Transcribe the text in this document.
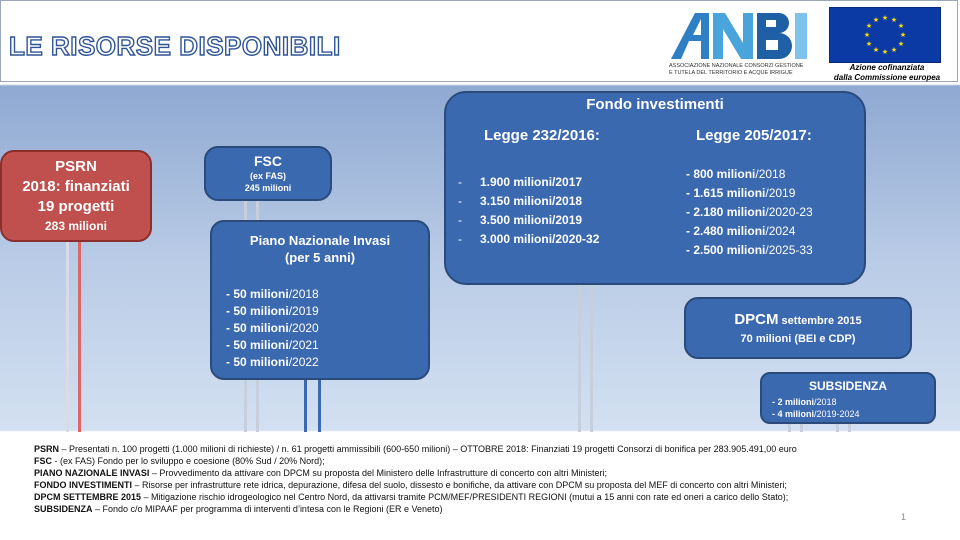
LE RISORSE DISPONIBILI
ASSOCIAZIONE NAZIONALE CONSORZI GESTIONE
E TUTELA DEL TERRITORIO E ACQUE IRRIGUE
★ ★
★
★
★
★
★
★
★
★
★
★
Azione cofinanziata
dalla Commissione europea
PSRN
2018: finanziati
19 progetti
283 milioni
FSC
(ex FAS)
245 milioni
Piano Nazionale Invasi
(per 5 anni)
- 50 milioni/2018
- 50 milioni/2019
- 50 milioni/2020
- 50 milioni/2021
- 50 milioni/2022
Fondo investimenti
Legge 232/2016:	Legge 205/2017:
- 1.900 milioni/2017
- 3.150 milioni/2018
- 3.500 milioni/2019
- 3.000 milioni/2020-32
- 800 milioni/2018
- 1.615 milioni/2019
- 2.180 milioni/2020-23
- 2.480 milioni/2024
- 2.500 milioni/2025-33
DPCM settembre 2015
70 milioni (BEI e CDP)
SUBSIDENZA
- 2 milioni/2018
- 4 milioni/2019-2024

PSRN – Presentati n. 100 progetti (1.000 milioni di richieste) / n. 61 progetti ammissibili (600-650 milioni) – OTTOBRE 2018: Finanziati 19 progetti Consorzi di bonifica per 283.905.491,00 euro

FSC - (ex FAS) Fondo per lo sviluppo e coesione (80% Sud / 20% Nord);

PIANO NAZIONALE INVASI – Provvedimento da attivare con DPCM su proposta del Ministero delle Infrastrutture di concerto con altri Ministeri;

FONDO INVESTIMENTI – Risorse per infrastrutture rete idrica, depurazione, difesa del suolo, dissesto e bonifiche, da attivare con DPCM su proposta del MEF di concerto con altri Ministeri;

DPCM SETTEMBRE 2015 – Mitigazione rischio idrogeologico nel Centro Nord, da attivarsi tramite PCM/MEF/PRESIDENTI REGIONI (mutui a 15 anni con rate ed oneri a carico dello Stato);

SUBSIDENZA – Fondo c/o MIPAAF per programma di interventi d’intesa con le Regioni (ER e Veneto)

1
